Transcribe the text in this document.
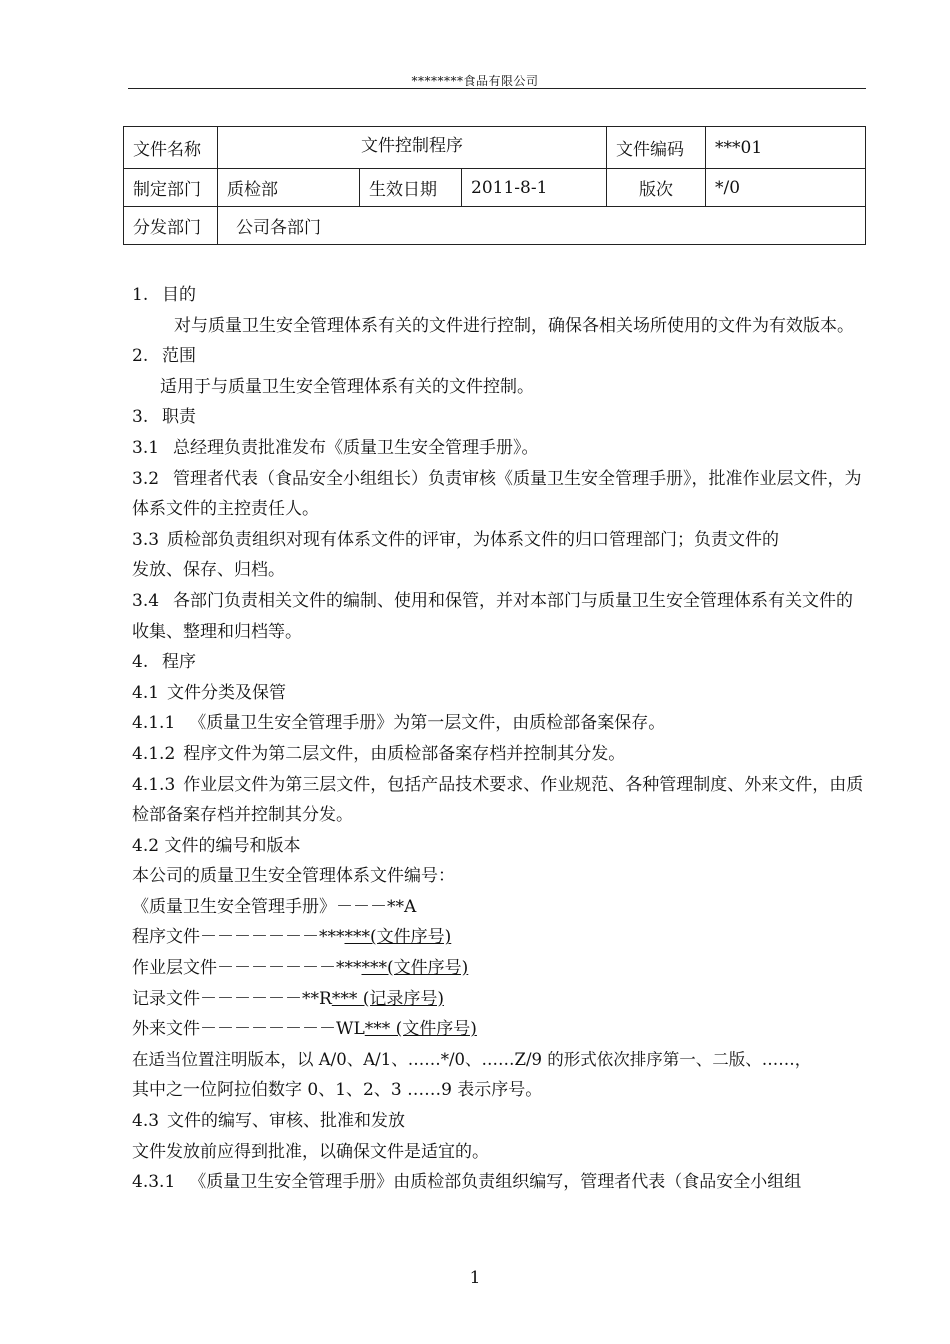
********食品有限公司
文件名称	文件控制程序			文件编码	***01
制定部门	质检部	生效日期	2011-8-1	版次	*/0
分发部门	公司各部门				

1. 目的

对与质量卫生安全管理体系有关的文件进行控制，确保各相关场所使用的文件为有效版本。

2. 范围

适用于与质量卫生安全管理体系有关的文件控制。

3. 职责

3.1 总经理负责批准发布《质量卫生安全管理手册》。

3.2 管理者代表（食品安全小组组长）负责审核《质量卫生安全管理手册》，批准作业层文件，为体系文件的主控责任人。

3.3 质检部负责组织对现有体系文件的评审，为体系文件的归口管理部门；负责文件的

发放、保存、归档。

3.4 各部门负责相关文件的编制、使用和保管，并对本部门与质量卫生安全管理体系有关文件的收集、整理和归档等。

4. 程序

4.1 文件分类及保管

4.1.1 《质量卫生安全管理手册》为第一层文件，由质检部备案保存。

4.1.2 程序文件为第二层文件，由质检部备案存档并控制其分发。

4.1.3 作业层文件为第三层文件，包括产品技术要求、作业规范、各种管理制度、外来文件，由质检部备案存档并控制其分发。

4.2 文件的编号和版本

本公司的质量卫生安全管理体系文件编号：

《质量卫生安全管理手册》－－－**A

程序文件－－－－－－－******(文件序号)

作业层文件－－－－－－－******(文件序号)

记录文件－－－－－－**R*** (记录序号)

外来文件－－－－－－－－WL*** (文件序号)

在适当位置注明版本，以 A/0、A/1、……*/0、……Z/9 的形式依次排序第一、二版、……，

其中之一位阿拉伯数字 0、1、2、3 ……9 表示序号。

4.3 文件的编写、审核、批准和发放

文件发放前应得到批准，以确保文件是适宜的。

4.3.1 《质量卫生安全管理手册》由质检部负责组织编写，管理者代表（食品安全小组组

1
